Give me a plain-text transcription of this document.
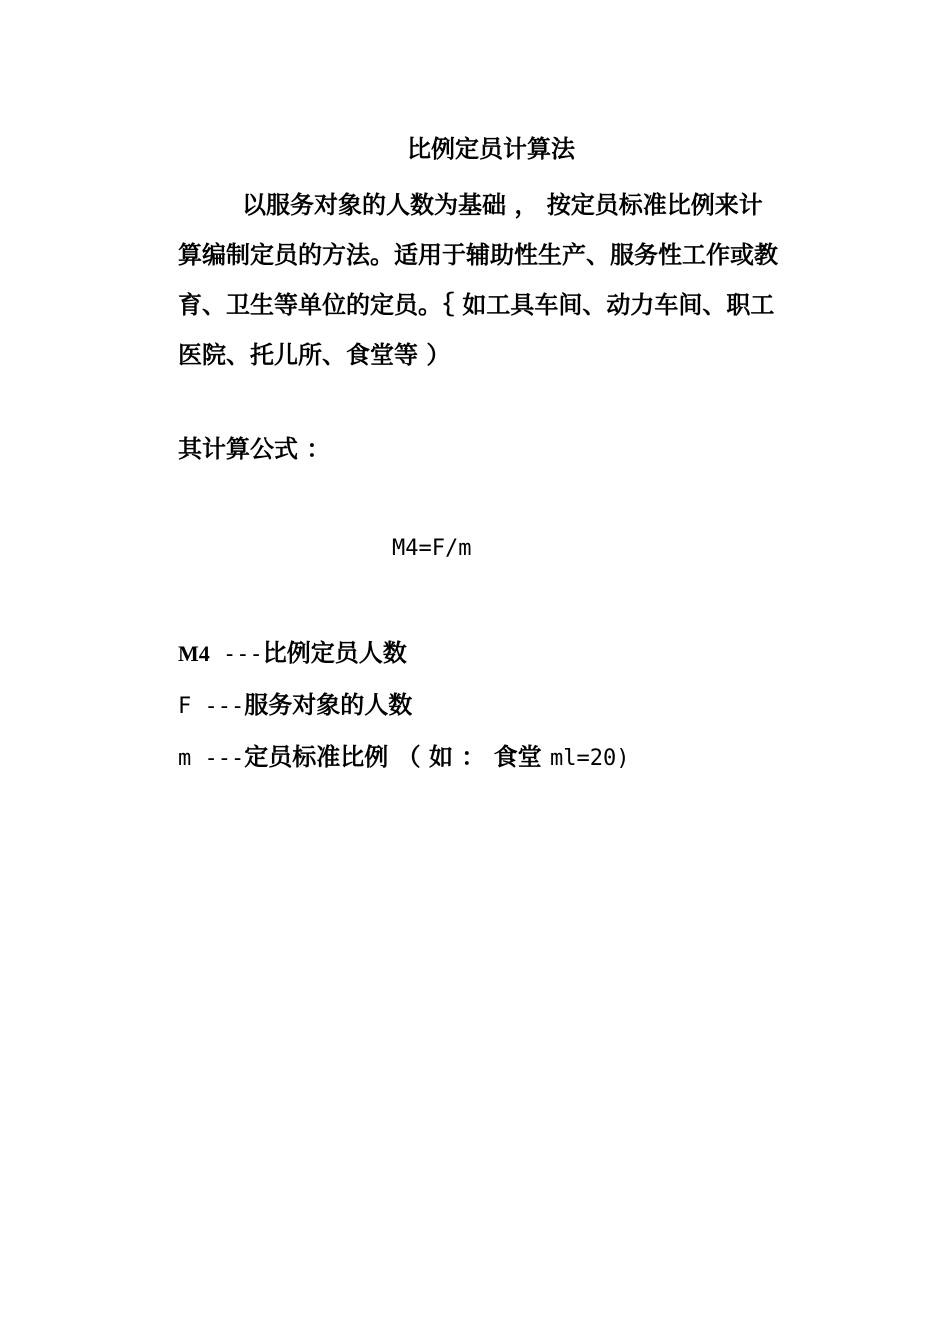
比例定员计算法
以服务对象的人数为基础 ， 按定员标准比例来计
算编制定员的方法。适用于辅助性生产、服务性工作或教
育、卫生等单位的定员。｛ 如工具车间、动力车间、职工
医院、托儿所、食堂等 ）
其计算公式 ：
M4=F/m
M4 ---比例定员人数
F ---服务对象的人数
m ---定员标准比例 （ 如 ： 食堂 ml=20)
